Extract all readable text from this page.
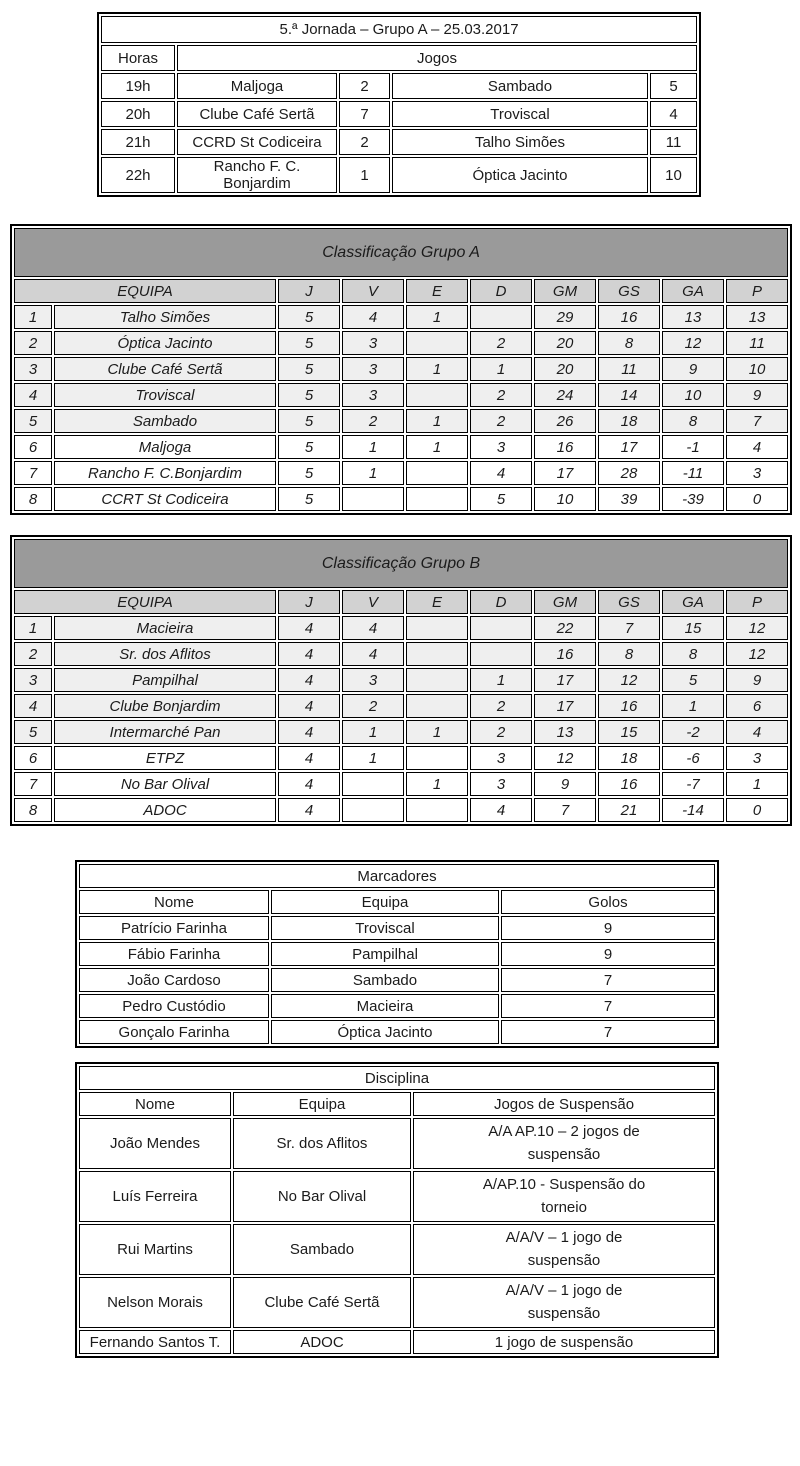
5.ª Jornada – Grupo A – 25.03.2017				
Horas	Jogos			
19h	Maljoga	2	Sambado	5
20h	Clube Café Sertã	7	Troviscal	4
21h	CCRD St Codiceira	2	Talho Simões	11
22h	Rancho F. C. Bonjardim	1	Óptica Jacinto	10
Classificação Grupo A									
EQUIPA		J	V	E	D	GM	GS	GA	P
1	Talho Simões	5	4	1		29	16	13	13
2	Óptica Jacinto	5	3		2	20	8	12	11
3	Clube Café Sertã	5	3	1	1	20	11	9	10
4	Troviscal	5	3		2	24	14	10	9
5	Sambado	5	2	1	2	26	18	8	7
6	Maljoga	5	1	1	3	16	17	-1	4
7	Rancho F. C.Bonjardim	5	1		4	17	28	-11	3
8	CCRT St Codiceira	5			5	10	39	-39	0
Classificação Grupo B									
EQUIPA		J	V	E	D	GM	GS	GA	P
1	Macieira	4	4			22	7	15	12
2	Sr. dos Aflitos	4	4			16	8	8	12
3	Pampilhal	4	3		1	17	12	5	9
4	Clube Bonjardim	4	2		2	17	16	1	6
5	Intermarché Pan	4	1	1	2	13	15	-2	4
6	ETPZ	4	1		3	12	18	-6	3
7	No Bar Olival	4		1	3	9	16	-7	1
8	ADOC	4			4	7	21	-14	0
Marcadores		
Nome	Equipa	Golos
Patrício Farinha	Troviscal	9
Fábio Farinha	Pampilhal	9
João Cardoso	Sambado	7
Pedro Custódio	Macieira	7
Gonçalo Farinha	Óptica Jacinto	7
Disciplina		
Nome	Equipa	Jogos de Suspensão
João Mendes	Sr. dos Aflitos	A/A AP.10 – 2 jogos de suspensão

Luís Ferreira	No Bar Olival	A/AP.10 - Suspensão do torneio

Rui Martins	Sambado	A/A/V – 1 jogo de suspensão

Nelson Morais	Clube Café Sertã	A/A/V – 1 jogo de suspensão

Fernando Santos T.	ADOC	1 jogo de suspensão
